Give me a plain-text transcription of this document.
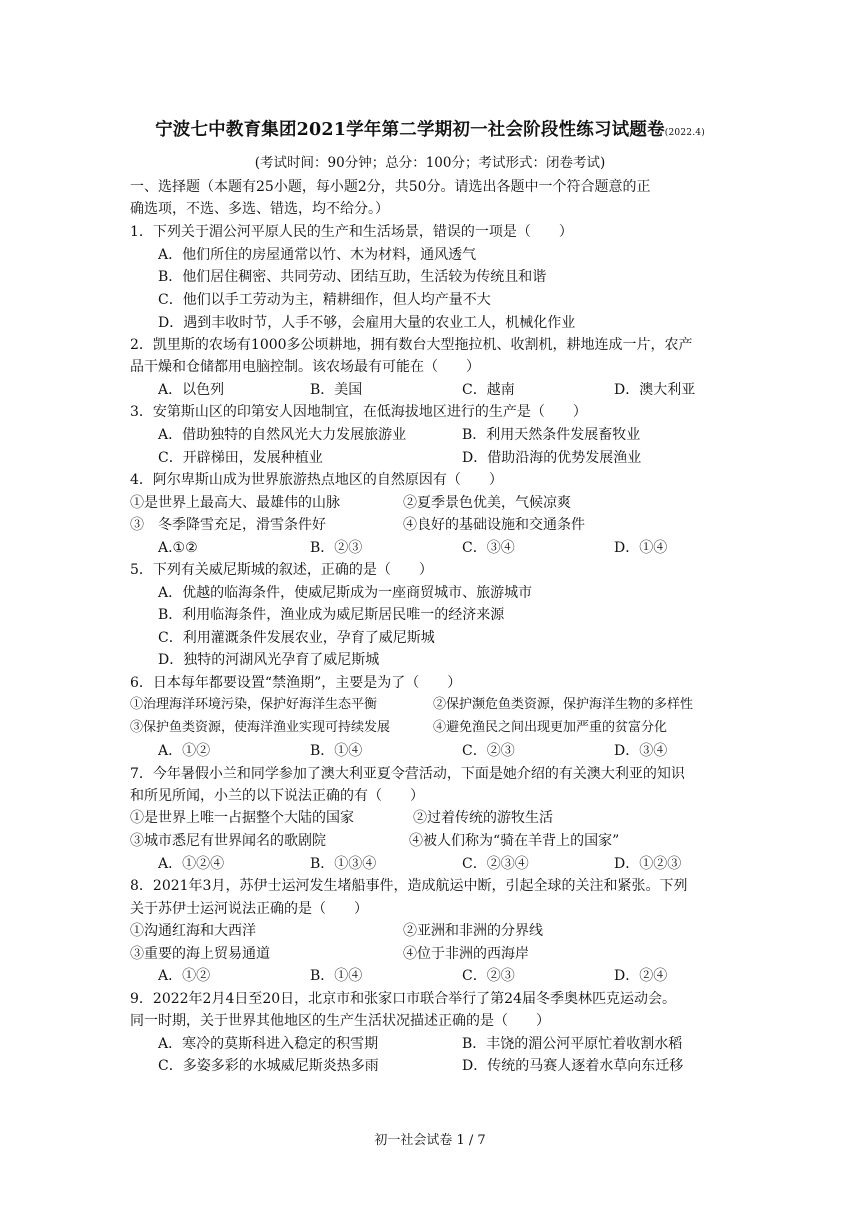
宁波七中教育集团2021学年第二学期初一社会阶段性练习试题卷(2022.4)
(考试时间：90分钟；总分：100分；考试形式：闭卷考试)
一、选择题（本题有25小题，每小题2分，共50分。请选出各题中一个符合题意的正
确选项，不选、多选、错选，均不给分。）
1．下列关于湄公河平原人民的生产和生活场景，错误的一项是（　　）
A．他们所住的房屋通常以竹、木为材料，通风透气
B．他们居住稠密、共同劳动、团结互助，生活较为传统且和谐
C．他们以手工劳动为主，精耕细作，但人均产量不大
D．遇到丰收时节，人手不够，会雇用大量的农业工人，机械化作业
2．凯里斯的农场有1000多公顷耕地，拥有数台大型拖拉机、收割机，耕地连成一片，农产
品干燥和仓储都用电脑控制。该农场最有可能在（　　）
A．以色列	B．美国	C．越南	D．澳大利亚
3．安第斯山区的印第安人因地制宜，在低海拔地区进行的生产是（　　）
A．借助独特的自然风光大力发展旅游业	B．利用天然条件发展畜牧业
C．开辟梯田，发展种植业	D．借助沿海的优势发展渔业
4．阿尔卑斯山成为世界旅游热点地区的自然原因有（　　）
①是世界上最高大、最雄伟的山脉	②夏季景色优美，气候凉爽
③　冬季降雪充足，滑雪条件好	④良好的基础设施和交通条件
A.①②	B．②③	C．③④	D．①④
5．下列有关威尼斯城的叙述，正确的是（　　）
A．优越的临海条件，使威尼斯成为一座商贸城市、旅游城市
B．利用临海条件，渔业成为威尼斯居民唯一的经济来源
C．利用灌溉条件发展农业，孕育了威尼斯城
D．独特的河湖风光孕育了威尼斯城
6．日本每年都要设置“禁渔期”，主要是为了（　　）
①治理海洋环境污染，保护好海洋生态平衡	②保护濒危鱼类资源，保护海洋生物的多样性
③保护鱼类资源，使海洋渔业实现可持续发展	④避免渔民之间出现更加严重的贫富分化
A．①②	B．①④	C．②③	D．③④
7．今年暑假小兰和同学参加了澳大利亚夏令营活动，下面是她介绍的有关澳大利亚的知识
和所见所闻，小兰的以下说法正确的有（　　）
①是世界上唯一占据整个大陆的国家	②过着传统的游牧生活
③城市悉尼有世界闻名的歌剧院	④被人们称为“骑在羊背上的国家”
A．①②④	B．①③④	C．②③④	D．①②③
8．2021年3月，苏伊士运河发生堵船事件，造成航运中断，引起全球的关注和紧张。下列
关于苏伊士运河说法正确的是（　　）
①沟通红海和大西洋	②亚洲和非洲的分界线
③重要的海上贸易通道	④位于非洲的西海岸
A．①②	B．①④	C．②③	D．②④
9．2022年2月4日至20日，北京市和张家口市联合举行了第24届冬季奥林匹克运动会。
同一时期，关于世界其他地区的生产生活状况描述正确的是（　　）
A．寒冷的莫斯科进入稳定的积雪期	B．丰饶的湄公河平原忙着收割水稻
C．多姿多彩的水城威尼斯炎热多雨	D．传统的马赛人逐着水草向东迁移
初一社会试卷 1 / 7
